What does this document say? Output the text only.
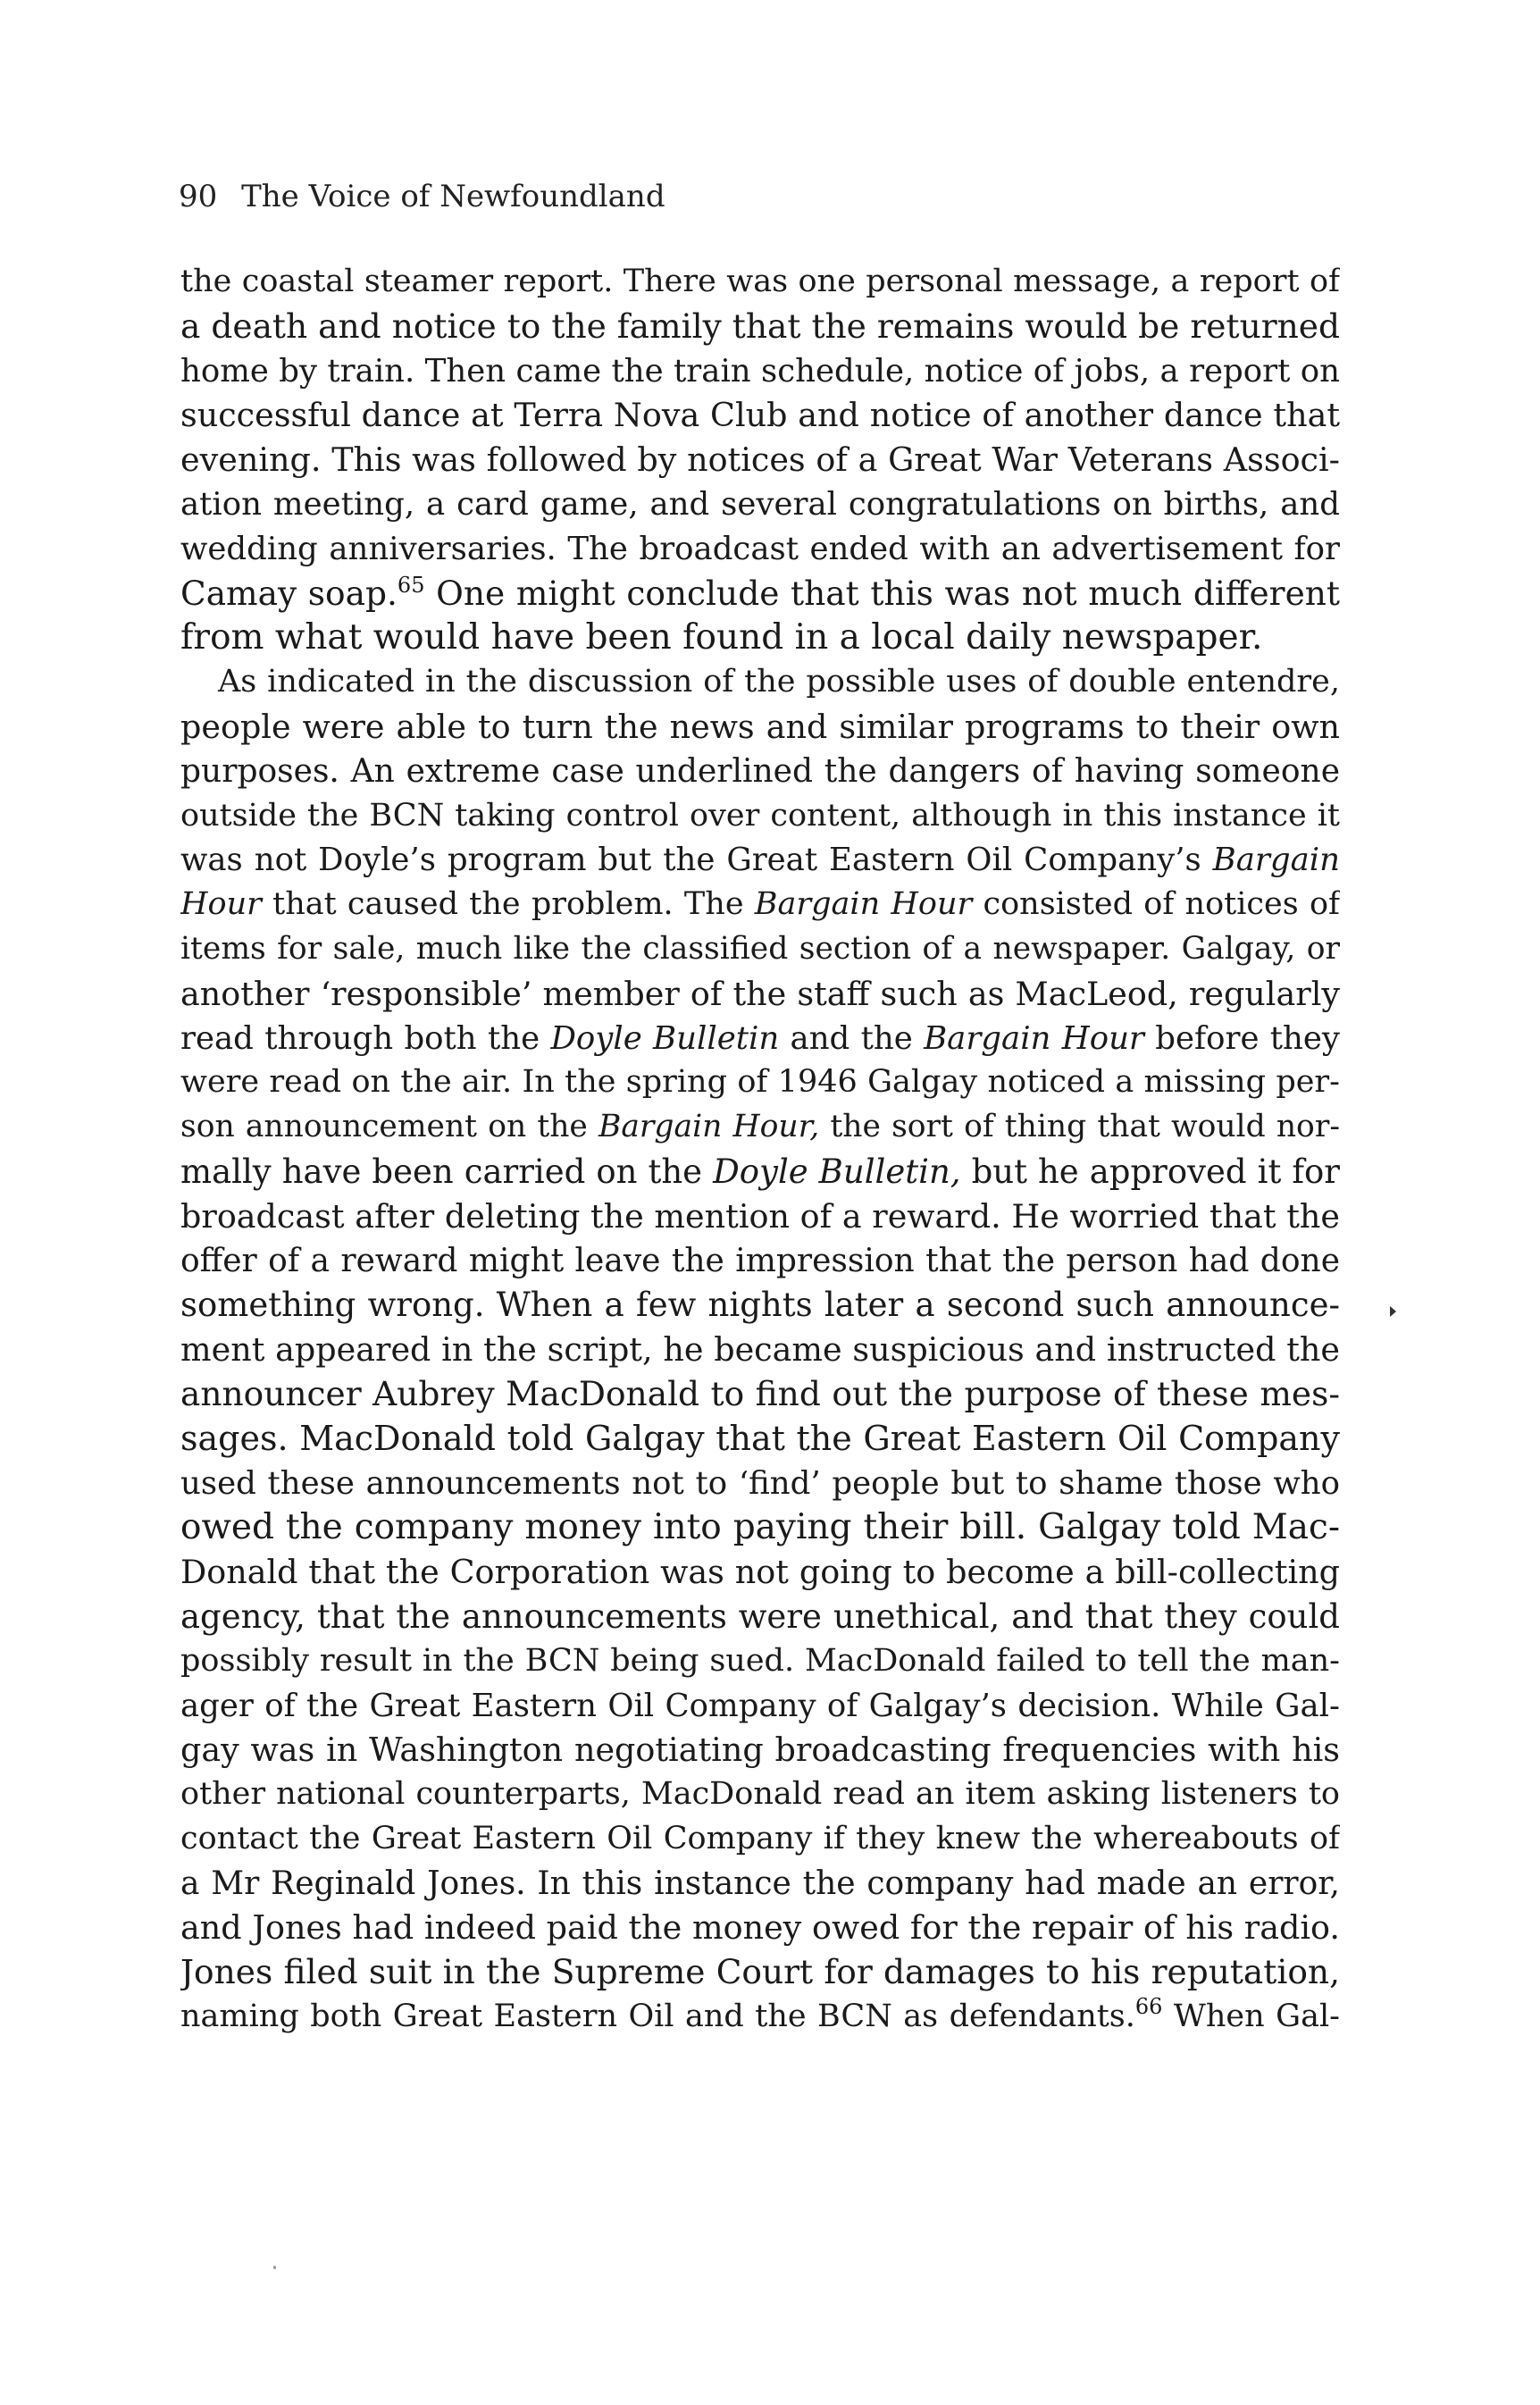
90 The Voice of Newfoundland
the coastal steamer report. There was one personal message, a report of
a death and notice to the family that the remains would be returned
home by train. Then came the train schedule, notice of jobs, a report on
successful dance at Terra Nova Club and notice of another dance that
evening. This was followed by notices of a Great War Veterans Associ-
ation meeting, a card game, and several congratulations on births, and
wedding anniversaries. The broadcast ended with an advertisement for
Camay soap.$^{65}$ One might conclude that this was not much different
from what would have been found in a local daily newspaper.
As indicated in the discussion of the possible uses of double entendre,
people were able to turn the news and similar programs to their own
purposes. An extreme case underlined the dangers of having someone
outside the BCN taking control over content, although in this instance it
was not Doyle’s program but the Great Eastern Oil Company’s Bargain
Hour that caused the problem. The Bargain Hour consisted of notices of
items for sale, much like the classified section of a newspaper. Galgay, or
another ‘responsible’ member of the staff such as MacLeod, regularly
read through both the Doyle Bulletin and the Bargain Hour before they
were read on the air. In the spring of 1946 Galgay noticed a missing per-
son announcement on the Bargain Hour, the sort of thing that would nor-
mally have been carried on the Doyle Bulletin, but he approved it for
broadcast after deleting the mention of a reward. He worried that the
offer of a reward might leave the impression that the person had done
something wrong. When a few nights later a second such announce-
ment appeared in the script, he became suspicious and instructed the
announcer Aubrey MacDonald to find out the purpose of these mes-
sages. MacDonald told Galgay that the Great Eastern Oil Company
used these announcements not to ‘find’ people but to shame those who
owed the company money into paying their bill. Galgay told Mac-
Donald that the Corporation was not going to become a bill-collecting
agency, that the announcements were unethical, and that they could
possibly result in the BCN being sued. MacDonald failed to tell the man-
ager of the Great Eastern Oil Company of Galgay’s decision. While Gal-
gay was in Washington negotiating broadcasting frequencies with his
other national counterparts, MacDonald read an item asking listeners to
contact the Great Eastern Oil Company if they knew the whereabouts of
a Mr Reginald Jones. In this instance the company had made an error,
and Jones had indeed paid the money owed for the repair of his radio.
Jones filed suit in the Supreme Court for damages to his reputation,
naming both Great Eastern Oil and the BCN as defendants.$^{66}$ When Gal-
